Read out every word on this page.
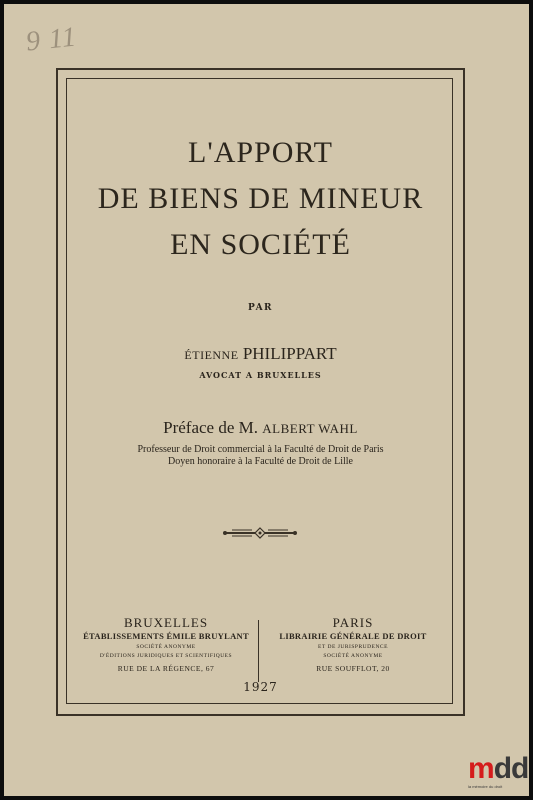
9 11
L'APPORT
DE BIENS DE MINEUR
EN SOCIÉTÉ
PAR
ÉTIENNE PHILIPPART
AVOCAT A BRUXELLES
Préface de M. ALBERT WAHL
Professeur de Droit commercial à la Faculté de Droit de Paris
Doyen honoraire à la Faculté de Droit de Lille
BRUXELLES
ÉTABLISSEMENTS ÉMILE BRUYLANT
SOCIÉTÉ ANONYME
D'ÉDITIONS JURIDIQUES ET SCIENTIFIQUES
RUE DE LA RÉGENCE, 67
PARIS
LIBRAIRIE GÉNÉRALE DE DROIT
ET DE JURISPRUDENCE
SOCIÉTÉ ANONYME
RUE SOUFFLOT, 20
1927
mdd
la mémoire du droit
